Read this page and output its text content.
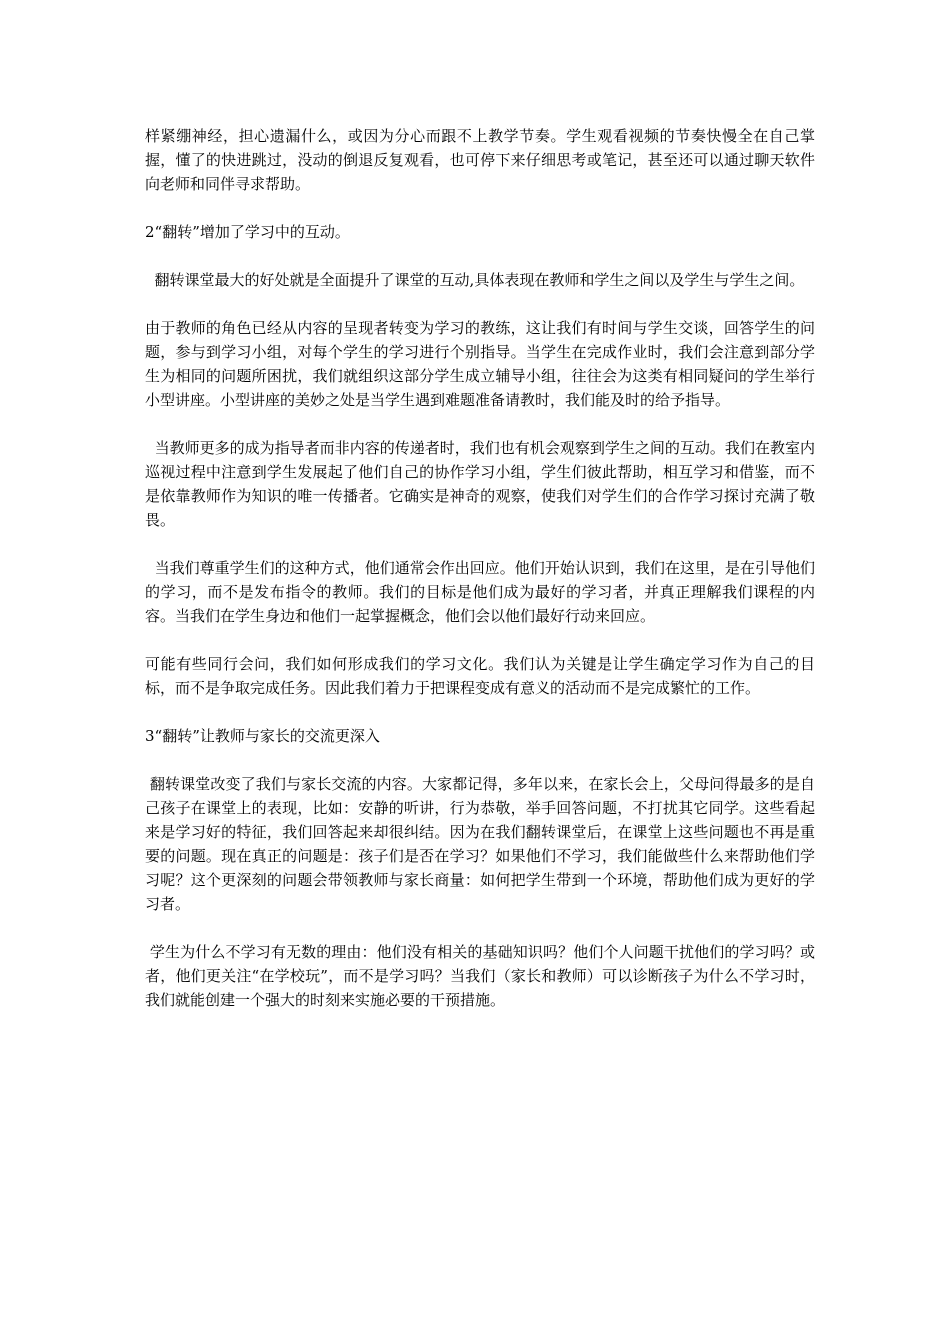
样紧绷神经，担心遗漏什么，或因为分心而跟不上教学节奏。学生观看视频的节奏快慢全在自己掌握，懂了的快进跳过，没动的倒退反复观看，也可停下来仔细思考或笔记，甚至还可以通过聊天软件向老师和同伴寻求帮助。

2“翻转”增加了学习中的互动。

翻转课堂最大的好处就是全面提升了课堂的互动,具体表现在教师和学生之间以及学生与学生之间。

由于教师的角色已经从内容的呈现者转变为学习的教练，这让我们有时间与学生交谈，回答学生的问题，参与到学习小组，对每个学生的学习进行个别指导。当学生在完成作业时，我们会注意到部分学生为相同的问题所困扰，我们就组织这部分学生成立辅导小组，往往会为这类有相同疑问的学生举行小型讲座。小型讲座的美妙之处是当学生遇到难题准备请教时，我们能及时的给予指导。

当教师更多的成为指导者而非内容的传递者时，我们也有机会观察到学生之间的互动。我们在教室内巡视过程中注意到学生发展起了他们自己的协作学习小组，学生们彼此帮助，相互学习和借鉴，而不是依靠教师作为知识的唯一传播者。它确实是神奇的观察，使我们对学生们的合作学习探讨充满了敬畏。

当我们尊重学生们的这种方式，他们通常会作出回应。他们开始认识到，我们在这里，是在引导他们的学习，而不是发布指令的教师。我们的目标是他们成为最好的学习者，并真正理解我们课程的内容。当我们在学生身边和他们一起掌握概念，他们会以他们最好行动来回应。

可能有些同行会问，我们如何形成我们的学习文化。我们认为关键是让学生确定学习作为自己的目标，而不是争取完成任务。因此我们着力于把课程变成有意义的活动而不是完成繁忙的工作。

3“翻转”让教师与家长的交流更深入

翻转课堂改变了我们与家长交流的内容。大家都记得，多年以来，在家长会上，父母问得最多的是自己孩子在课堂上的表现，比如：安静的听讲，行为恭敬，举手回答问题，不打扰其它同学。这些看起来是学习好的特征，我们回答起来却很纠结。因为在我们翻转课堂后，在课堂上这些问题也不再是重要的问题。现在真正的问题是：孩子们是否在学习？如果他们不学习，我们能做些什么来帮助他们学习呢？这个更深刻的问题会带领教师与家长商量：如何把学生带到一个环境，帮助他们成为更好的学习者。

学生为什么不学习有无数的理由：他们没有相关的基础知识吗？他们个人问题干扰他们的学习吗？或者，他们更关注“在学校玩”，而不是学习吗？当我们（家长和教师）可以诊断孩子为什么不学习时，我们就能创建一个强大的时刻来实施必要的干预措施。
